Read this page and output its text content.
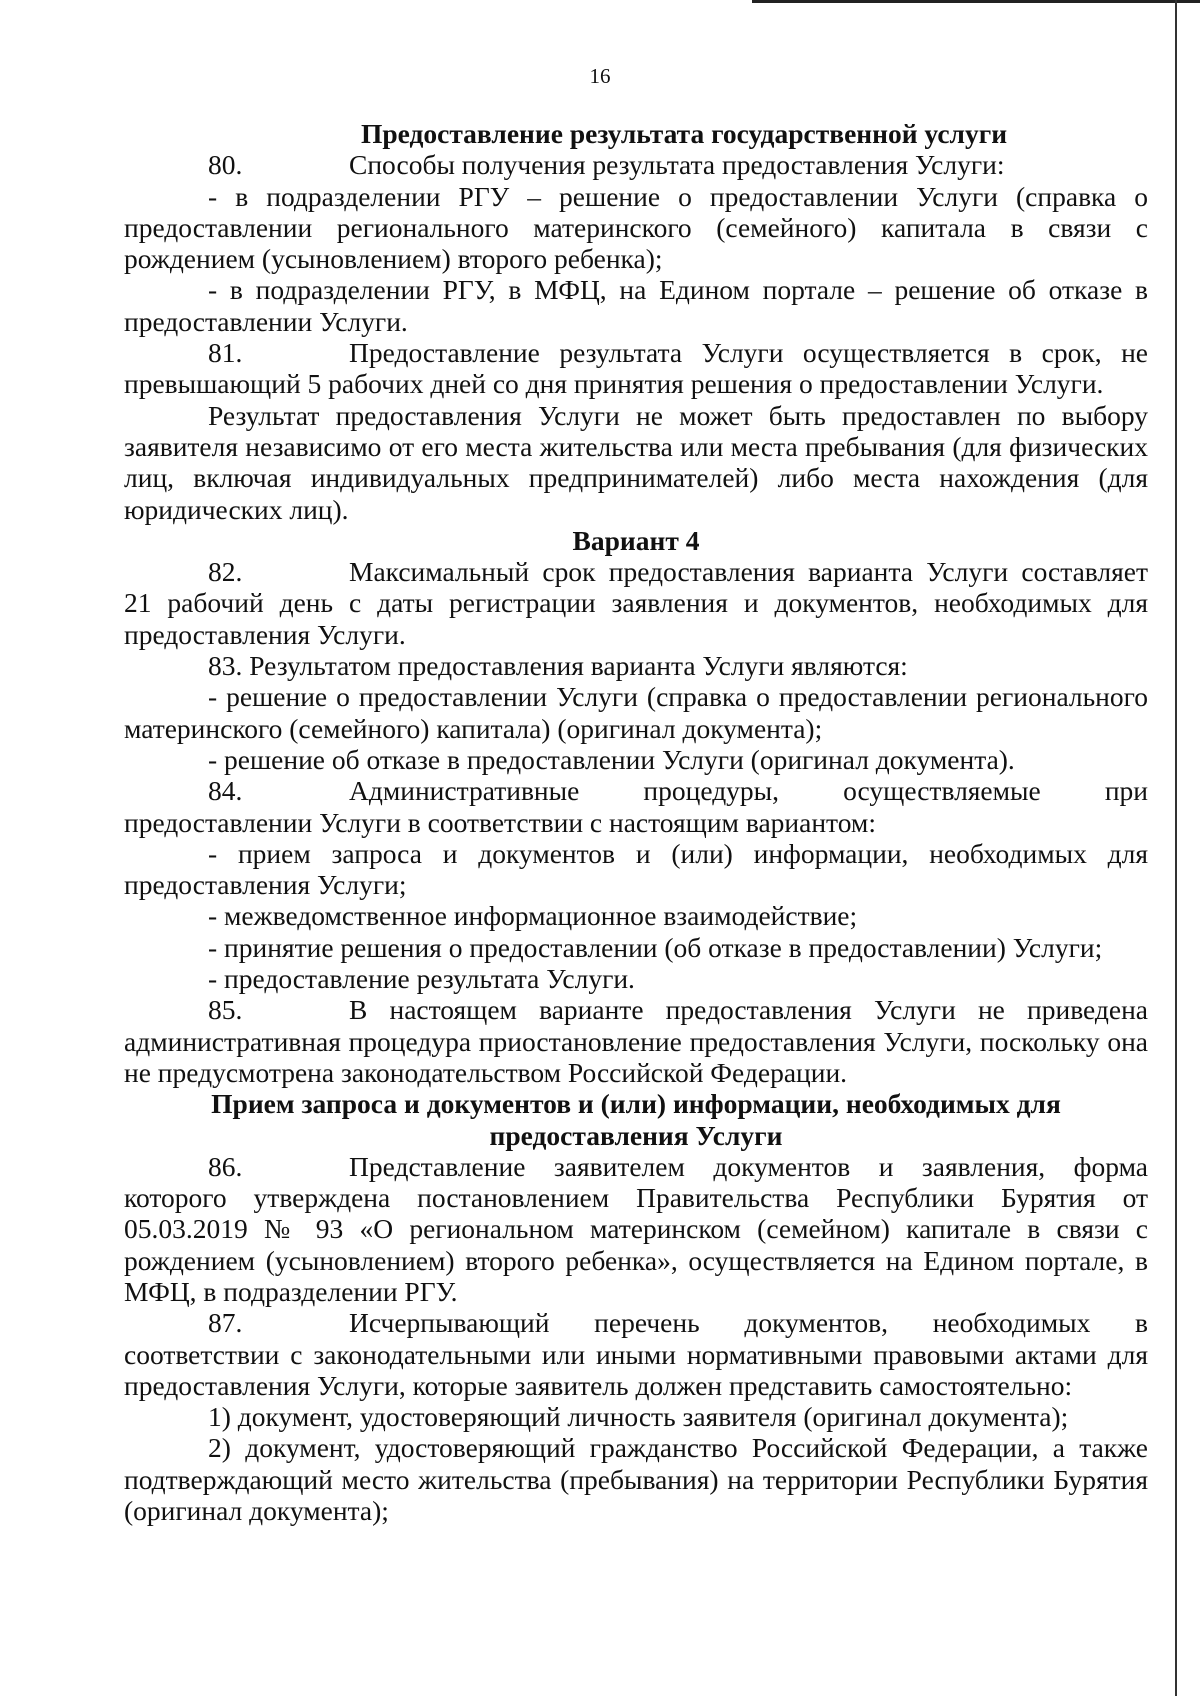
16

Предоставление результата государственной услуги

80.	Способы получения результата предоставления Услуги:

- в подразделении РГУ – решение о предоставлении Услуги (справка о предоставлении регионального материнского (семейного) капитала в связи с рождением (усыновлением) второго ребенка);

- в подразделении РГУ, в МФЦ, на Едином портале – решение об отказе в предоставлении Услуги.

81.	Предоставление результата Услуги осуществляется в срок, не превышающий 5 рабочих дней со дня принятия решения о предоставлении Услуги.

Результат предоставления Услуги не может быть предоставлен по выбору заявителя независимо от его места жительства или места пребывания (для физических лиц, включая индивидуальных предпринимателей) либо места нахождения (для юридических лиц).

Вариант 4

82.	Максимальный срок предоставления варианта Услуги составляет 21 рабочий день с даты регистрации заявления и документов, необходимых для предоставления Услуги.

83. Результатом предоставления варианта Услуги являются:

- решение о предоставлении Услуги (справка о предоставлении регионального материнского (семейного) капитала) (оригинал документа);

- решение об отказе в предоставлении Услуги (оригинал документа).

84.	Административные процедуры, осуществляемые при предоставлении Услуги в соответствии с настоящим вариантом:

- прием запроса и документов и (или) информации, необходимых для предоставления Услуги;

- межведомственное информационное взаимодействие;

- принятие решения о предоставлении (об отказе в предоставлении) Услуги;

- предоставление результата Услуги.

85.	В настоящем варианте предоставления Услуги не приведена административная процедура приостановление предоставления Услуги, поскольку она не предусмотрена законодательством Российской Федерации.

Прием запроса и документов и (или) информации, необходимых для предоставления Услуги

86.	Представление заявителем документов и заявления, форма которого утверждена постановлением Правительства Республики Бурятия от 05.03.2019 № 93 «О региональном материнском (семейном) капитале в связи с рождением (усыновлением) второго ребенка», осуществляется на Едином портале, в МФЦ, в подразделении РГУ.

87.	Исчерпывающий перечень документов, необходимых в соответствии с законодательными или иными нормативными правовыми актами для предоставления Услуги, которые заявитель должен представить самостоятельно:

1) документ, удостоверяющий личность заявителя (оригинал документа);

2) документ, удостоверяющий гражданство Российской Федерации, а также подтверждающий место жительства (пребывания) на территории Республики Бурятия (оригинал документа);
